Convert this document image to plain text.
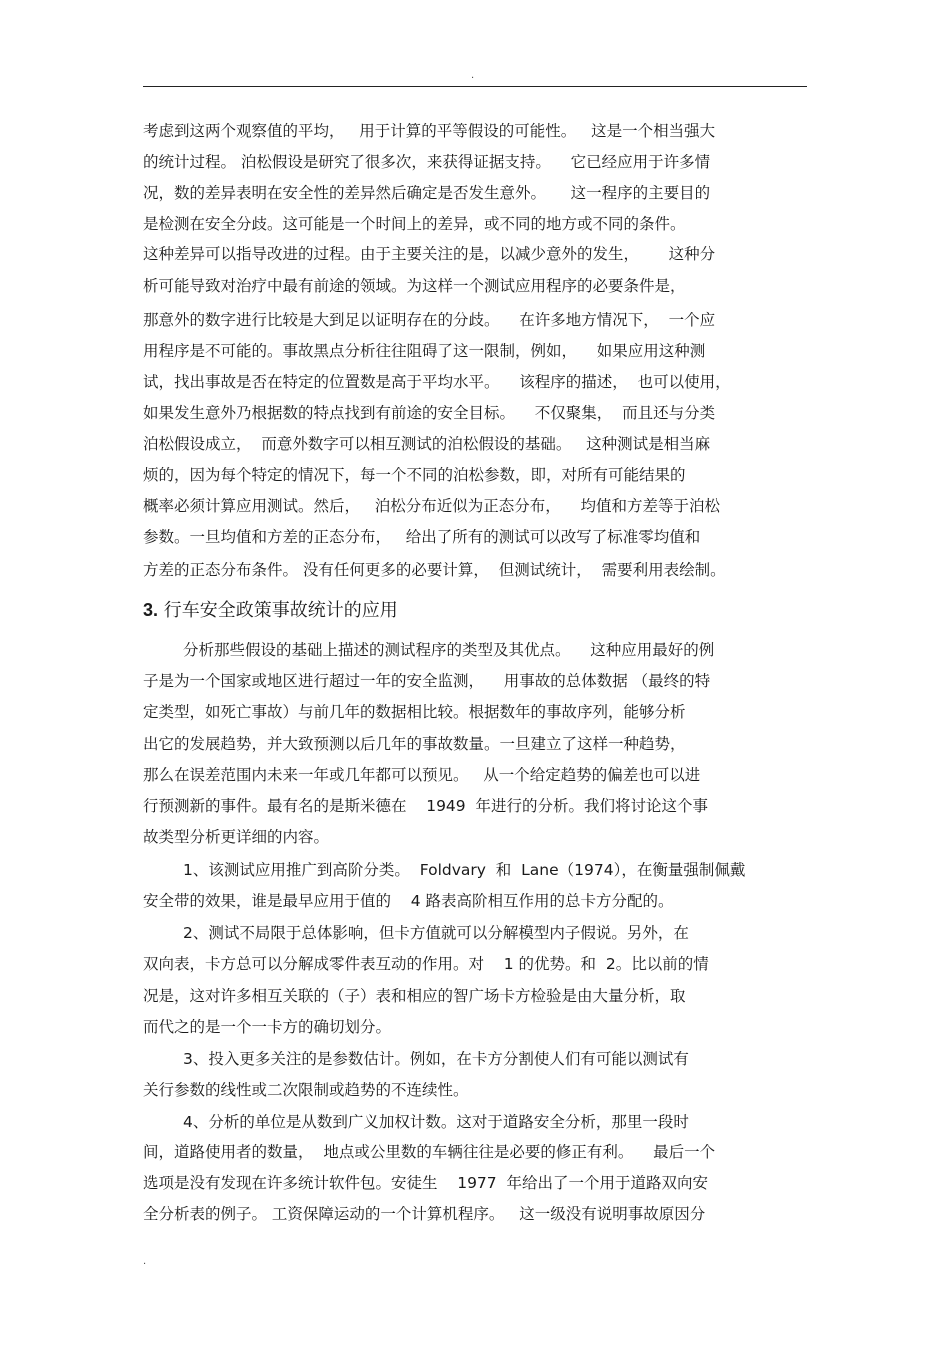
.
考虑到这两个观察值的平均，   用于计算的平等假设的可能性。   这是一个相当强大
的统计过程。 泊松假设是研究了很多次，来获得证据支持。    它已经应用于许多情
况，数的差异表明在安全性的差异然后确定是否发生意外。     这一程序的主要目的
是检测在安全分歧。这可能是一个时间上的差异，或不同的地方或不同的条件。
这种差异可以指导改进的过程。由于主要关注的是，以减少意外的发生，      这种分
析可能导致对治疗中最有前途的领域。为这样一个测试应用程序的必要条件是，
那意外的数字进行比较是大到足以证明存在的分歧。    在许多地方情况下，  一个应
用程序是不可能的。事故黑点分析往往阻碍了这一限制，例如，    如果应用这种测
试，找出事故是否在特定的位置数是高于平均水平。    该程序的描述，  也可以使用，
如果发生意外乃根据数的特点找到有前途的安全目标。    不仅聚集，  而且还与分类
泊松假设成立，  而意外数字可以相互测试的泊松假设的基础。   这种测试是相当麻
烦的，因为每个特定的情况下，每一个不同的泊松参数，即，对所有可能结果的
概率必须计算应用测试。然后，   泊松分布近似为正态分布，    均值和方差等于泊松
参数。一旦均值和方差的正态分布，   给出了所有的测试可以改写了标准零均值和
方差的正态分布条件。 没有任何更多的必要计算，  但测试统计，  需要利用表绘制。
3. 行车安全政策事故统计的应用
分析那些假设的基础上描述的测试程序的类型及其优点。    这种应用最好的例
子是为一个国家或地区进行超过一年的安全监测，    用事故的总体数据 （最终的特
定类型，如死亡事故）与前几年的数据相比较。根据数年的事故序列，能够分析
出它的发展趋势，并大致预测以后几年的事故数量。一旦建立了这样一种趋势，
那么在误差范围内未来一年或几年都可以预见。   从一个给定趋势的偏差也可以进
行预测新的事件。最有名的是斯米德在    1949  年进行的分析。我们将讨论这个事
故类型分析更详细的内容。
1、该测试应用推广到高阶分类。  Foldvary  和  Lane（1974），在衡量强制佩戴
安全带的效果，谁是最早应用于值的    4 路表高阶相互作用的总卡方分配的。
2、测试不局限于总体影响，但卡方值就可以分解模型内子假说。另外，在
双向表，卡方总可以分解成零件表互动的作用。对    1 的优势。和  2。比以前的情
况是，这对许多相互关联的（子）表和相应的智广场卡方检验是由大量分析，取
而代之的是一个一卡方的确切划分。
3、投入更多关注的是参数估计。例如，在卡方分割使人们有可能以测试有
关行参数的线性或二次限制或趋势的不连续性。
4、分析的单位是从数到广义加权计数。这对于道路安全分析，那里一段时
间，道路使用者的数量，  地点或公里数的车辆往往是必要的修正有利。    最后一个
选项是没有发现在许多统计软件包。安徒生    1977  年给出了一个用于道路双向安
全分析表的例子。 工资保障运动的一个计算机程序。   这一级没有说明事故原因分
.
